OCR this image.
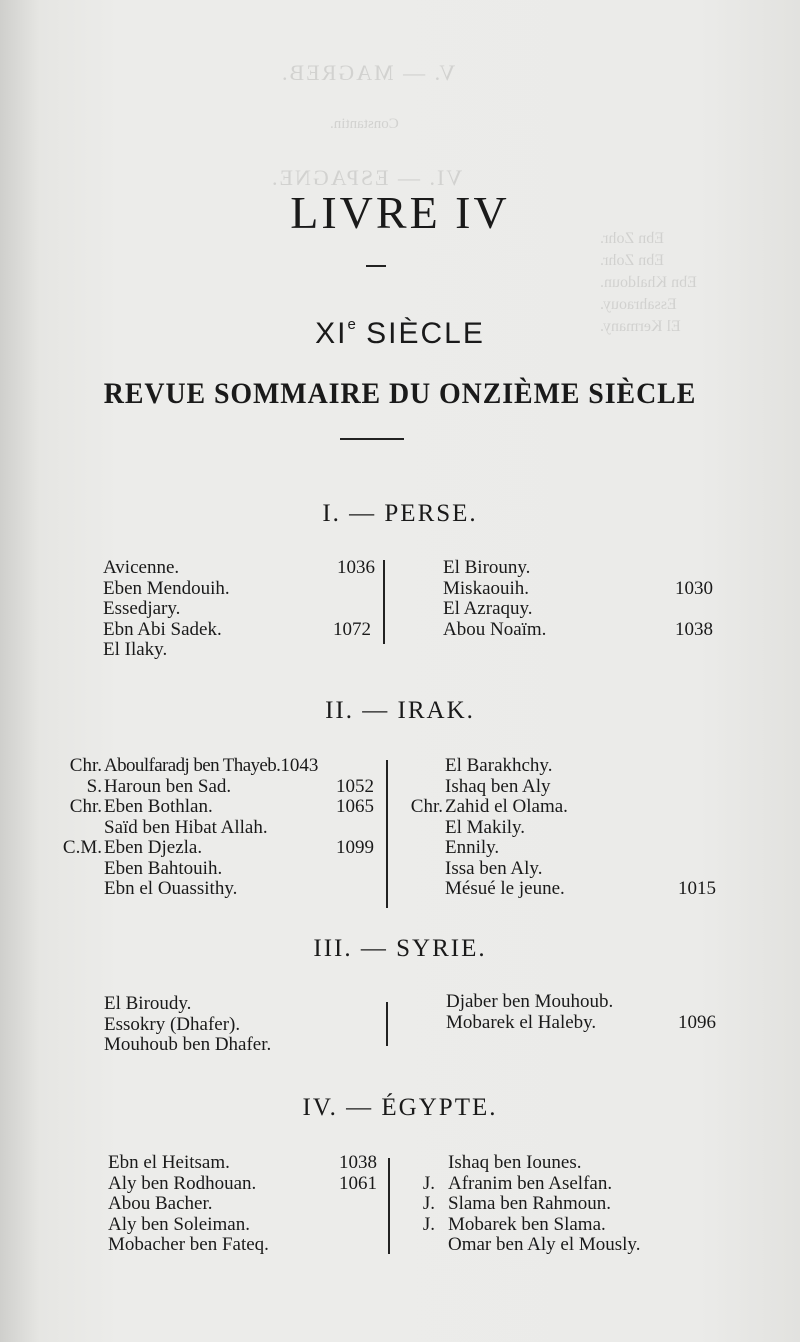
V. — MAGREB.
Constantin.
VI. — ESPAGNE.
Ebn Zohr.
Ebn Zohr.
Ebn Khaldoun.
Essahraouy.
El Kermany.
LIVRE IV
XIe SIÈCLE
REVUE SOMMAIRE DU ONZIÈME SIÈCLE
I. — PERSE.
Avicenne.	1036
Eben Mendouih.
Essedjary.
Ebn Abi Sadek.	1072
El Ilaky.
El Birouny.
Miskaouih.	1030
El Azraquy.
Abou Noaïm.	1038
II. — IRAK.
Chr. Aboulfaradj ben Thayeb.1043
S. Haroun ben Sad.	1052
Chr. Eben Bothlan.	1065
Saïd ben Hibat Allah.
C.M. Eben Djezla.	1099
Eben Bahtouih.
Ebn el Ouassithy.
El Barakhchy.
Ishaq ben Aly
Chr. Zahid el Olama.
El Makily.
Ennily.
Issa ben Aly.
Mésué le jeune.	1015
III. — SYRIE.
El Biroudy.
Essokry (Dhafer).
Mouhoub ben Dhafer.
Djaber ben Mouhoub.
Mobarek el Haleby.	1096
IV. — ÉGYPTE.
Ebn el Heitsam.	1038
Aly ben Rodhouan.	1061
Abou Bacher.
Aly ben Soleiman.
Mobacher ben Fateq.
Ishaq ben Iounes.
J. Afranim ben Aselfan.
J. Slama ben Rahmoun.
J. Mobarek ben Slama.
Omar ben Aly el Mously.
